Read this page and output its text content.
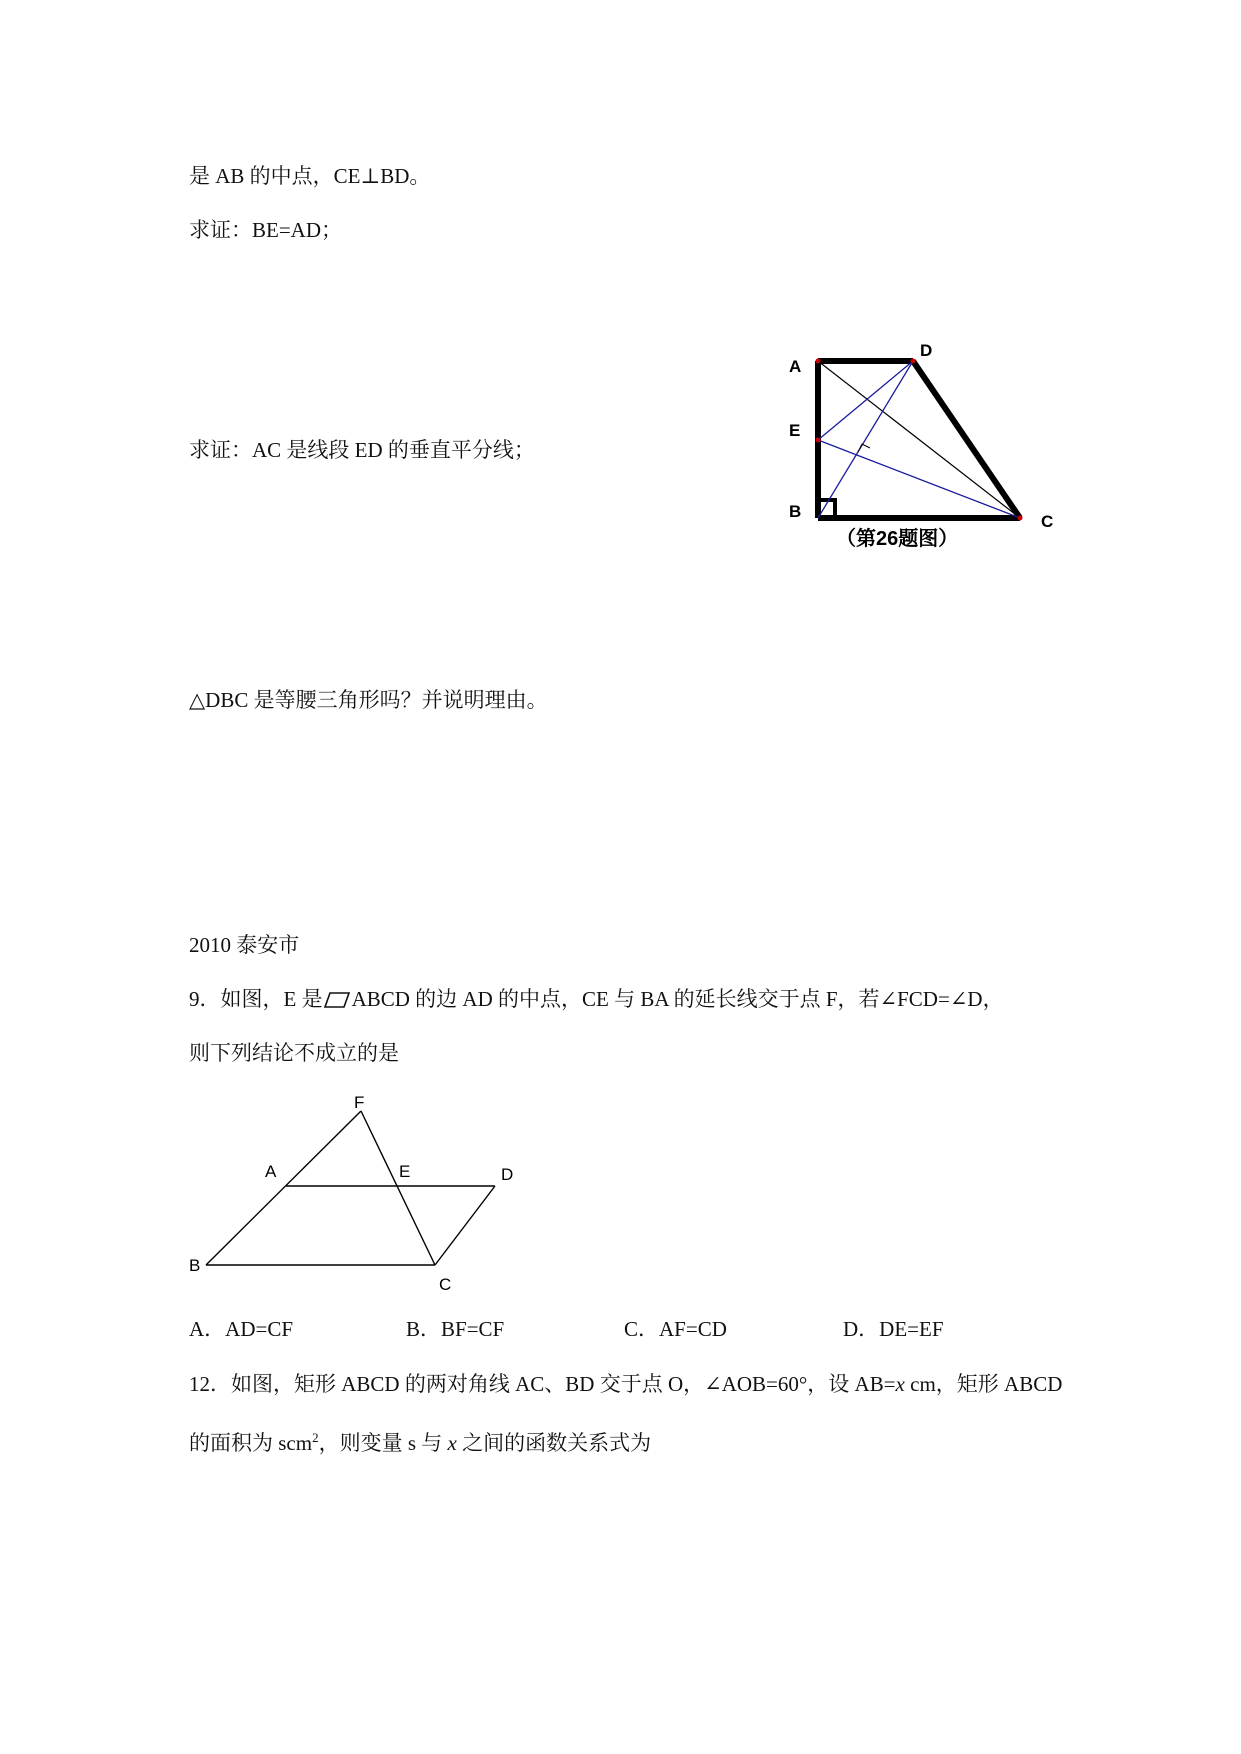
是 AB 的中点，CE⊥BD。
求证：BE=AD；
求证：AC 是线段 ED 的垂直平分线；
△DBC 是等腰三角形吗？并说明理由。
2010 泰安市
9．如图，E 是 ABCD 的边 AD 的中点，CE 与 BA 的延长线交于点 F，若∠FCD=∠D，
则下列结论不成立的是
A．AD=CF	B．BF=CF	C．AF=CD	D．DE=EF
12．如图，矩形 ABCD 的两对角线 AC、BD 交于点 O，∠AOB=60°，设 AB=x cm，矩形 ABCD
的面积为 scm$^2$，则变量 s 与 x 之间的函数关系式为
A
D
E
B
C
（第26题图）
F
A	E	D
B
C
